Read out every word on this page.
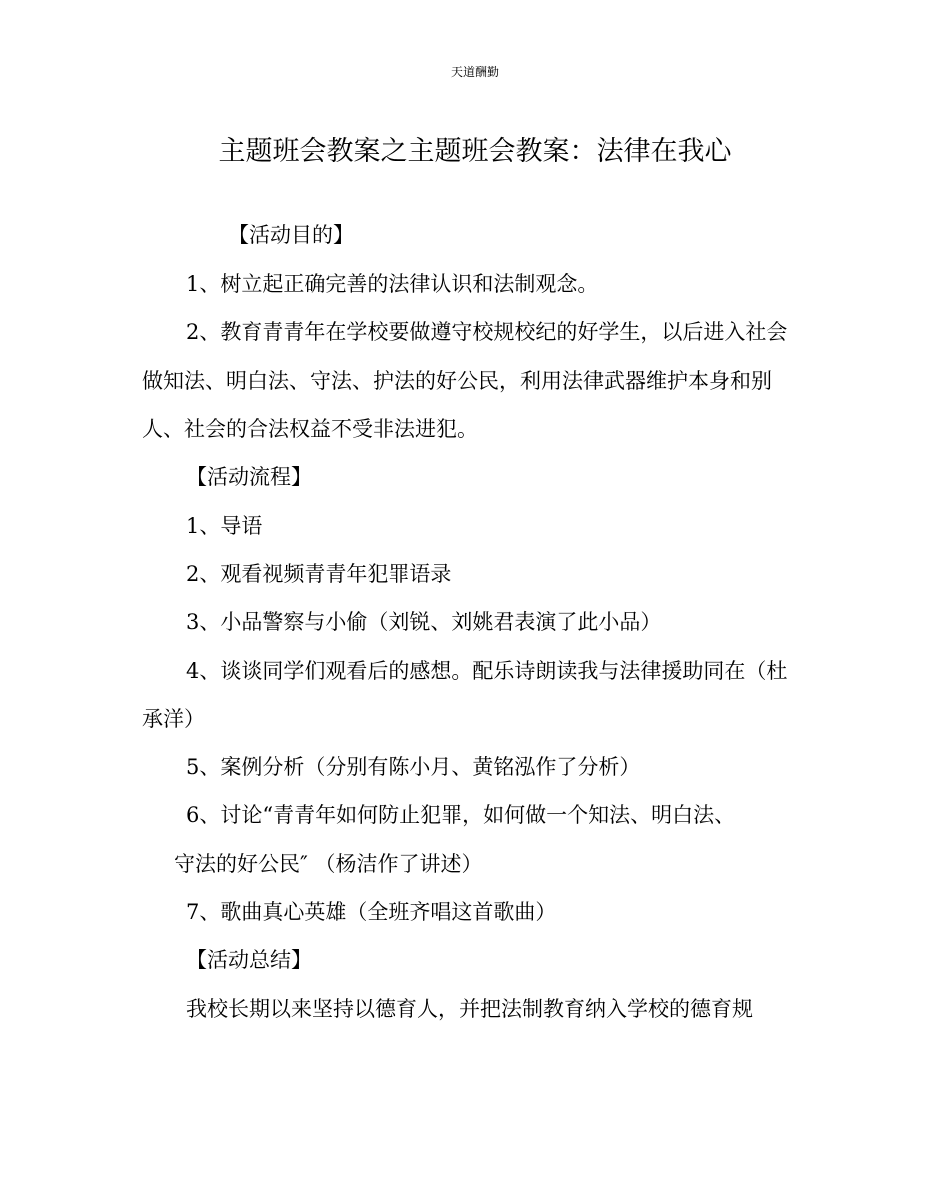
天道酬勤
主题班会教案之主题班会教案：法律在我心
【活动目的】
1、树立起正确完善的法律认识和法制观念。
2、教育青青年在学校要做遵守校规校纪的好学生，以后进入社会
做知法、明白法、守法、护法的好公民，利用法律武器维护本身和别
人、社会的合法权益不受非法进犯。
【活动流程】
1、导语
2、观看视频青青年犯罪语录
3、小品警察与小偷（刘锐、刘姚君表演了此小品）
4、谈谈同学们观看后的感想。配乐诗朗读我与法律援助同在（杜
承洋）
5、案例分析（分别有陈小月、黄铭泓作了分析）
6、讨论“青青年如何防止犯罪，如何做一个知法、明白法、
守法的好公民″ （杨洁作了讲述）
7、歌曲真心英雄（全班齐唱这首歌曲）
【活动总结】
我校长期以来坚持以德育人，并把法制教育纳入学校的德育规
